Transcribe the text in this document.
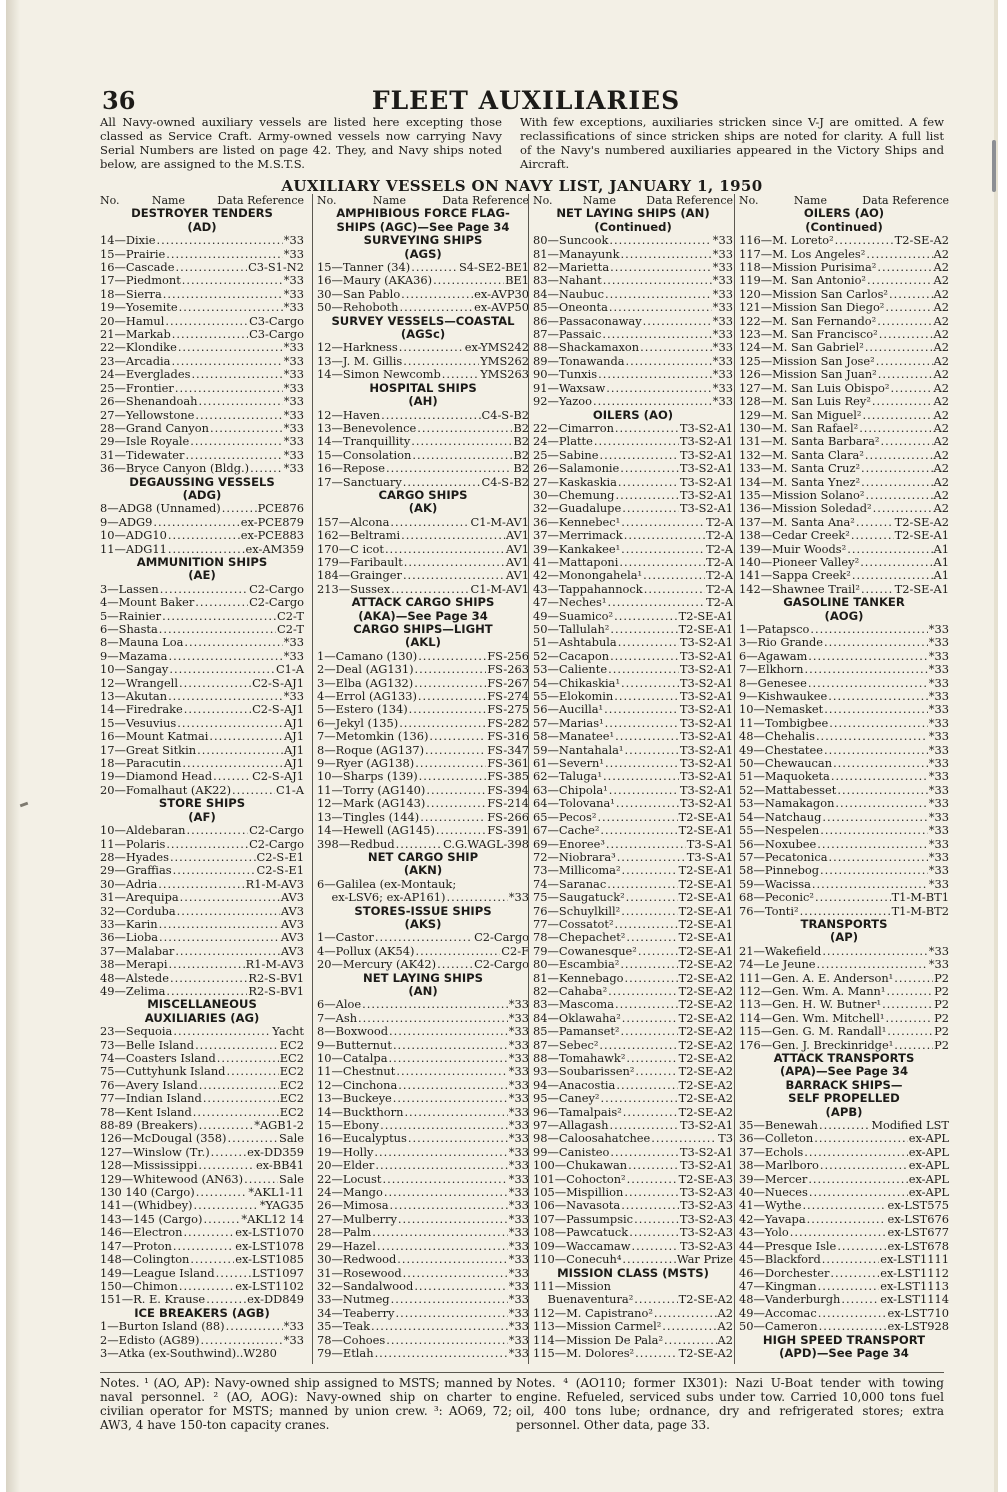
36	FLEET AUXILIARIES
All Navy-owned auxiliary vessels are listed here excepting those classed as Service Craft. Army-owned vessels now carrying Navy Serial Numbers are listed on page 42. They, and Navy ships noted below, are assigned to the M.S.T.S.
With few exceptions, auxiliaries stricken since V-J are omitted. A few reclassifications of since stricken ships are noted for clarity. A full list of the Navy's numbered auxiliaries appeared in the Victory Ships and Aircraft.
AUXILIARY VESSELS ON NAVY LIST, JANUARY 1, 1950
No.	Name	Data Reference
DESTROYER TENDERS
(AD)
14—Dixie .....	*33
15—Prairie .....	*33
16—Cascade .....	C3-S1-N2
17—Piedmont .....	*33
18—Sierra .....	*33
19—Yosemite .....	*33
20—Hamul .....	C3-Cargo
21—Markab .....	C3-Cargo
22—Klondike .....	*33
23—Arcadia .....	*33
24—Everglades .....	*33
25—Frontier .....	*33
26—Shenandoah .....	*33
27—Yellowstone .....	*33
28—Grand Canyon .....	*33
29—Isle Royale .....	*33
31—Tidewater .....	*33
36—Bryce Canyon (Bldg.) .....	*33
DEGAUSSING VESSELS
(ADG)
8—ADG8 (Unnamed) .....	PCE876
9—ADG9 .....	ex-PCE879
10—ADG10 .....	ex-PCE883
11—ADG11 .....	ex-AM359
AMMUNITION SHIPS
(AE)
3—Lassen .....	C2-Cargo
4—Mount Baker .....	C2-Cargo
5—Rainier .....	C2-T
6—Shasta .....	C2-T
8—Mauna Loa .....	*33
9—Mazama .....	*33
10—Sangay .....	C1-A
12—Wrangell .....	C2-S-AJ1
13—Akutan .....	*33
14—Firedrake .....	C2-S-AJ1
15—Vesuvius .....	AJ1
16—Mount Katmai .....	AJ1
17—Great Sitkin .....	AJ1
18—Paracutin .....	AJ1
19—Diamond Head .....	C2-S-AJ1
20—Fomalhaut (AK22) .....	C1-A
STORE SHIPS
(AF)
10—Aldebaran .....	C2-Cargo
11—Polaris .....	C2-Cargo
28—Hyades .....	C2-S-E1
29—Graffias .....	C2-S-E1
30—Adria .....	R1-M-AV3
31—Arequipa .....	AV3
32—Corduba .....	AV3
33—Karin .....	AV3
36—Lioba .....	AV3
37—Malabar .....	AV3
38—Merapi .....	R1-M-AV3
48—Alstede .....	R2-S-BV1
49—Zelima .....	R2-S-BV1
MISCELLANEOUS
AUXILIARIES (AG)
23—Sequoia .....	Yacht
73—Belle Island .....	EC2
74—Coasters Island .....	EC2
75—Cuttyhunk Island .....	EC2
76—Avery Island .....	EC2
77—Indian Island .....	EC2
78—Kent Island .....	EC2
88-89 (Breakers) .....	*AGB1-2
126—McDougal (358) .....	Sale
127—Winslow (Tr.) .....	ex-DD359
128—Mississippi .....	ex-BB41
129—Whitewood (AN63) .....	Sale
130 140 (Cargo) .....	*AKL1-11
141—(Whidbey) .....	*YAG35
143—145 (Cargo) .....	*AKL12 14
146—Electron .....	ex-LST1070
147—Proton .....	ex-LST1078
148—Colington .....	ex-LST1085
149—League Island .....	LST1097
150—Chimon .....	ex-LST1102
151—R. E. Krause .....	ex-DD849
ICE BREAKERS (AGB)
1—Burton Island (88) .....	*33
2—Edisto (AG89) .....	*33
3—Atka (ex-Southwind)..W280
No.	Name	Data Reference
AMPHIBIOUS FORCE FLAG-
SHIPS (AGC)—See Page 34
SURVEYING SHIPS
(AGS)
15—Tanner (34) .....	S4-SE2-BE1
16—Maury (AKA36) .....	BE1
30—San Pablo .....	ex-AVP30
50—Rehoboth .....	ex-AVP50
SURVEY VESSELS—COASTAL
(AGSc)
12—Harkness .....	ex-YMS242
13—J. M. Gillis .....	YMS262
14—Simon Newcomb .....	YMS263
HOSPITAL SHIPS
(AH)
12—Haven .....	C4-S-B2
13—Benevolence .....	B2
14—Tranquillity .....	B2
15—Consolation .....	B2
16—Repose .....	B2
17—Sanctuary .....	C4-S-B2
CARGO SHIPS
(AK)
157—Alcona .....	C1-M-AV1
162—Beltrami .....	AV1
170—C icot .....	AV1
179—Faribault .....	AV1
184—Grainger .....	AV1
213—Sussex .....	C1-M-AV1
ATTACK CARGO SHIPS
(AKA)—See Page 34
CARGO SHIPS—LIGHT
(AKL)
1—Camano (130) .....	FS-256
2—Deal (AG131) .....	FS-263
3—Elba (AG132) .....	FS-267
4—Errol (AG133) .....	FS-274
5—Estero (134) .....	FS-275
6—Jekyl (135) .....	FS-282
7—Metomkin (136) .....	FS-316
8—Roque (AG137) .....	FS-347
9—Ryer (AG138) .....	FS-361
10—Sharps (139) .....	FS-385
11—Torry (AG140) .....	FS-394
12—Mark (AG143) .....	FS-214
13—Tingles (144) .....	FS-266
14—Hewell (AG145) .....	FS-391
398—Redbud .....	C.G.WAGL-398
NET CARGO SHIP
(AKN)
6—Galilea (ex-Montauk;
ex-LSV6; ex-AP161) .....	*33
STORES-ISSUE SHIPS
(AKS)
1—Castor .....	C2-Cargo
4—Pollux (AK54) .....	C2-F
20—Mercury (AK42) .....	C2-Cargo
NET LAYING SHIPS
(AN)
6—Aloe .....	*33
7—Ash .....	*33
8—Boxwood .....	*33
9—Butternut .....	*33
10—Catalpa .....	*33
11—Chestnut .....	*33
12—Cinchona .....	*33
13—Buckeye .....	*33
14—Buckthorn .....	*33
15—Ebony .....	*33
16—Eucalyptus .....	*33
19—Holly .....	*33
20—Elder .....	*33
22—Locust .....	*33
24—Mango .....	*33
26—Mimosa .....	*33
27—Mulberry .....	*33
28—Palm .....	*33
29—Hazel .....	*33
30—Redwood .....	*33
31—Rosewood .....	*33
32—Sandalwood .....	*33
33—Nutmeg .....	*33
34—Teaberry .....	*33
35—Teak .....	*33
78—Cohoes .....	*33
79—Etlah .....	*33
No.	Name	Data Reference
NET LAYING SHIPS (AN)
(Continued)
80—Suncook .....	*33
81—Manayunk .....	*33
82—Marietta .....	*33
83—Nahant .....	*33
84—Naubuc .....	*33
85—Oneonta .....	*33
86—Passaconaway .....	*33
87—Passaic .....	*33
88—Shackamaxon .....	*33
89—Tonawanda .....	*33
90—Tunxis .....	*33
91—Waxsaw .....	*33
92—Yazoo .....	*33
OILERS (AO)
22—Cimarron .....	T3-S2-A1
24—Platte .....	T3-S2-A1
25—Sabine .....	T3-S2-A1
26—Salamonie .....	T3-S2-A1
27—Kaskaskia .....	T3-S2-A1
30—Chemung .....	T3-S2-A1
32—Guadalupe .....	T3-S2-A1
36—Kennebec¹ .....	T2-A
37—Merrimack .....	T2-A
39—Kankakee¹ .....	T2-A
41—Mattaponi .....	T2-A
42—Monongahela¹ .....	T2-A
43—Tappahannock .....	T2-A
47—Neches¹ .....	T2-A
49—Suamico² .....	T2-SE-A1
50—Tallulah² .....	T2-SE-A1
51—Ashtabula .....	T3-S2-A1
52—Cacapon .....	T3-S2-A1
53—Caliente .....	T3-S2-A1
54—Chikaskia¹ .....	T3-S2-A1
55—Elokomin .....	T3-S2-A1
56—Aucilla¹ .....	T3-S2-A1
57—Marias¹ .....	T3-S2-A1
58—Manatee¹ .....	T3-S2-A1
59—Nantahala¹ .....	T3-S2-A1
61—Severn¹ .....	T3-S2-A1
62—Taluga¹ .....	T3-S2-A1
63—Chipola¹ .....	T3-S2-A1
64—Tolovana¹ .....	T3-S2-A1
65—Pecos² .....	T2-SE-A1
67—Cache² .....	T2-SE-A1
69—Enoree³ .....	T3-S-A1
72—Niobrara³ .....	T3-S-A1
73—Millicoma² .....	T2-SE-A1
74—Saranac .....	T2-SE-A1
75—Saugatuck² .....	T2-SE-A1
76—Schuylkill² .....	T2-SE-A1
77—Cossatot² .....	T2-SE-A1
78—Chepachet² .....	T2-SE-A1
79—Cowanesque² .....	T2-SE-A1
80—Escambia² .....	T2-SE-A2
81—Kennebago .....	T2-SE-A2
82—Cahaba² .....	T2-SE-A2
83—Mascoma .....	T2-SE-A2
84—Oklawaha² .....	T2-SE-A2
85—Pamanset² .....	T2-SE-A2
87—Sebec² .....	T2-SE-A2
88—Tomahawk² .....	T2-SE-A2
93—Soubarissen² .....	T2-SE-A2
94—Anacostia .....	T2-SE-A2
95—Caney² .....	T2-SE-A2
96—Tamalpais² .....	T2-SE-A2
97—Allagash .....	T3-S2-A1
98—Caloosahatchee .....	T3
99—Canisteo .....	T3-S2-A1
100—Chukawan .....	T3-S2-A1
101—Cohocton² .....	T2-SE-A3
105—Mispillion .....	T3-S2-A3
106—Navasota .....	T3-S2-A3
107—Passumpsic .....	T3-S2-A3
108—Pawcatuck .....	T3-S2-A3
109—Waccamaw .....	T3-S2-A3
110—Conecuh⁴ .....	War Prize
MISSION CLASS (MSTS)
111—Mission
Buenaventura² .....	T2-SE-A2
112—M. Capistrano² .....	A2
113—Mission Carmel² .....	A2
114—Mission De Pala² .....	A2
115—M. Dolores² .....	T2-SE-A2
No.	Name	Data Reference
OILERS (AO)
(Continued)
116—M. Loreto² .....	T2-SE-A2
117—M. Los Angeles² .....	A2
118—Mission Purisima² .....	A2
119—M. San Antonio² .....	A2
120—Mission San Carlos² .....	A2
121—Mission San Diego² .....	A2
122—M. San Fernando² .....	A2
123—M. San Francisco² .....	A2
124—M. San Gabriel² .....	A2
125—Mission San Jose² .....	A2
126—Mission San Juan² .....	A2
127—M. San Luis Obispo² .....	A2
128—M. San Luis Rey² .....	A2
129—M. San Miguel² .....	A2
130—M. San Rafael² .....	A2
131—M. Santa Barbara² .....	A2
132—M. Santa Clara² .....	A2
133—M. Santa Cruz² .....	A2
134—M. Santa Ynez² .....	A2
135—Mission Solano² .....	A2
136—Mission Soledad² .....	A2
137—M. Santa Ana² .....	T2-SE-A2
138—Cedar Creek² .....	T2-SE-A1
139—Muir Woods² .....	A1
140—Pioneer Valley² .....	A1
141—Sappa Creek² .....	A1
142—Shawnee Trail² .....	T2-SE-A1
GASOLINE TANKER
(AOG)
1—Patapsco .....	*33
3—Rio Grande .....	*33
6—Agawam .....	*33
7—Elkhorn .....	*33
8—Genesee .....	*33
9—Kishwaukee .....	*33
10—Nemasket .....	*33
11—Tombigbee .....	*33
48—Chehalis .....	*33
49—Chestatee .....	*33
50—Chewaucan .....	*33
51—Maquoketa .....	*33
52—Mattabesset .....	*33
53—Namakagon .....	*33
54—Natchaug .....	*33
55—Nespelen .....	*33
56—Noxubee .....	*33
57—Pecatonica .....	*33
58—Pinnebog .....	*33
59—Wacissa .....	*33
68—Peconic² .....	T1-M-BT1
76—Tonti² .....	T1-M-BT2
TRANSPORTS
(AP)
21—Wakefield .....	*33
74—Le Jeune .....	*33
111—Gen. A. E. Anderson¹ .....	P2
112—Gen. Wm. A. Mann¹ .....	P2
113—Gen. H. W. Butner¹ .....	P2
114—Gen. Wm. Mitchell¹ .....	P2
115—Gen. G. M. Randall¹ .....	P2
176—Gen. J. Breckinridge¹ .....	P2
ATTACK TRANSPORTS
(APA)—See Page 34
BARRACK SHIPS—
SELF PROPELLED
(APB)
35—Benewah .....	Modified LST
36—Colleton .....	ex-APL
37—Echols .....	ex-APL
38—Marlboro .....	ex-APL
39—Mercer .....	ex-APL
40—Nueces .....	ex-APL
41—Wythe .....	ex-LST575
42—Yavapa .....	ex-LST676
43—Yolo .....	ex-LST677
44—Presque Isle .....	ex-LST678
45—Blackford .....	ex-LST1111
46—Dorchester .....	ex-LST1112
47—Kingman .....	ex-LST1113
48—Vanderburgh .....	ex-LST1114
49—Accomac .....	ex-LST710
50—Cameron .....	ex-LST928
HIGH SPEED TRANSPORT
(APD)—See Page 34
Notes. ¹ (AO, AP): Navy-owned ship assigned to MSTS; manned by naval personnel. ² (AO, AOG): Navy-owned ship on charter to civilian operator for MSTS; manned by union crew. ³: AO69, 72; AW3, 4 have 150-ton capacity cranes.
Notes. ⁴ (AO110; former IX301): Nazi U-Boat tender with towing engine. Refueled, serviced subs under tow. Carried 10,000 tons fuel oil, 400 tons lube; ordnance, dry and refrigerated stores; extra personnel. Other data, page 33.
